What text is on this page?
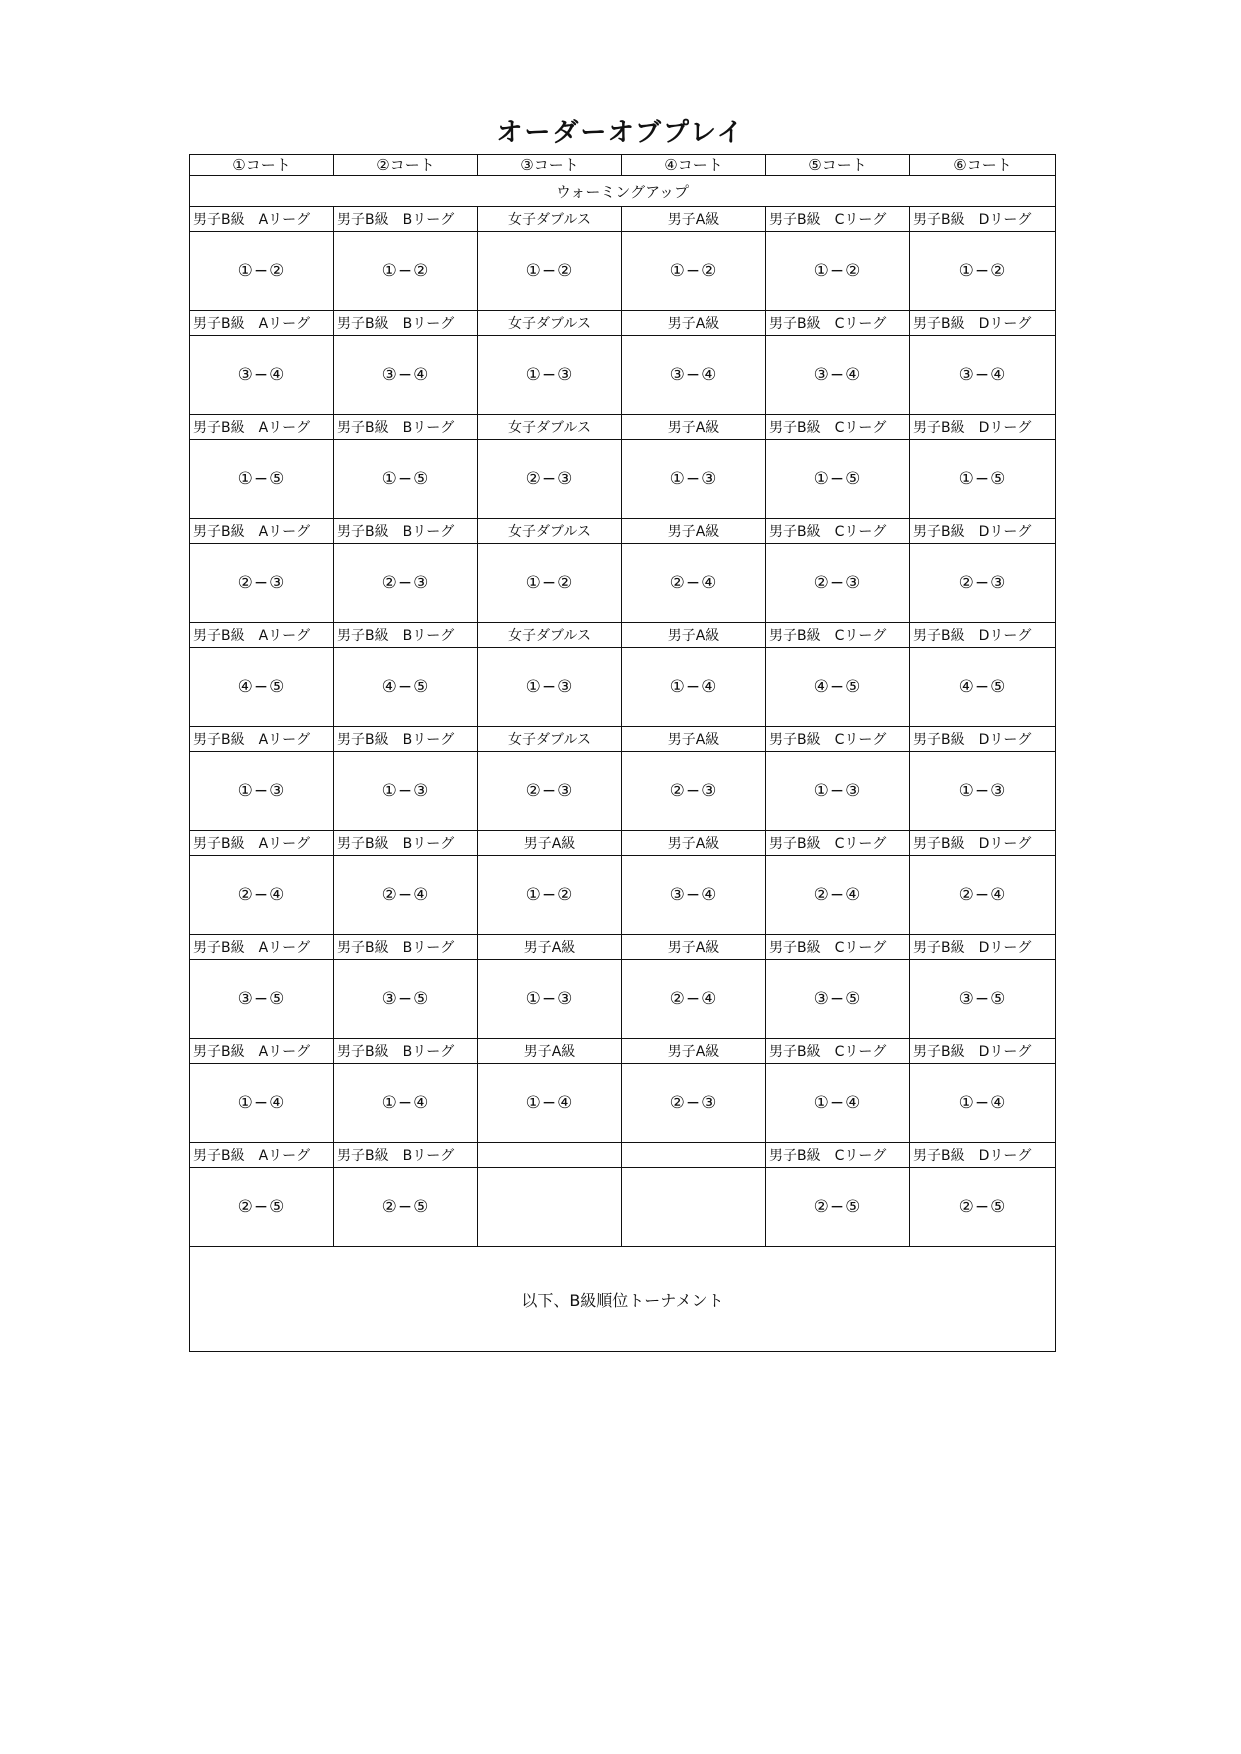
オーダーオブプレイ
①コート	②コート	③コート	④コート	⑤コート	⑥コート
ウォーミングアップ					
男子B級　Aリーグ	男子B級　Bリーグ	女子ダブルス	男子A級	男子B級　Cリーグ	男子B級　Dリーグ
①−②	①−②	①−②	①−②	①−②	①−②
男子B級　Aリーグ	男子B級　Bリーグ	女子ダブルス	男子A級	男子B級　Cリーグ	男子B級　Dリーグ
③−④	③−④	①−③	③−④	③−④	③−④
男子B級　Aリーグ	男子B級　Bリーグ	女子ダブルス	男子A級	男子B級　Cリーグ	男子B級　Dリーグ
①−⑤	①−⑤	②−③	①−③	①−⑤	①−⑤
男子B級　Aリーグ	男子B級　Bリーグ	女子ダブルス	男子A級	男子B級　Cリーグ	男子B級　Dリーグ
②−③	②−③	①−②	②−④	②−③	②−③
男子B級　Aリーグ	男子B級　Bリーグ	女子ダブルス	男子A級	男子B級　Cリーグ	男子B級　Dリーグ
④−⑤	④−⑤	①−③	①−④	④−⑤	④−⑤
男子B級　Aリーグ	男子B級　Bリーグ	女子ダブルス	男子A級	男子B級　Cリーグ	男子B級　Dリーグ
①−③	①−③	②−③	②−③	①−③	①−③
男子B級　Aリーグ	男子B級　Bリーグ	男子A級	男子A級	男子B級　Cリーグ	男子B級　Dリーグ
②−④	②−④	①−②	③−④	②−④	②−④
男子B級　Aリーグ	男子B級　Bリーグ	男子A級	男子A級	男子B級　Cリーグ	男子B級　Dリーグ
③−⑤	③−⑤	①−③	②−④	③−⑤	③−⑤
男子B級　Aリーグ	男子B級　Bリーグ	男子A級	男子A級	男子B級　Cリーグ	男子B級　Dリーグ
①−④	①−④	①−④	②−③	①−④	①−④
男子B級　Aリーグ	男子B級　Bリーグ			男子B級　Cリーグ	男子B級　Dリーグ
②−⑤	②−⑤			②−⑤	②−⑤
以下、B級順位トーナメント					
